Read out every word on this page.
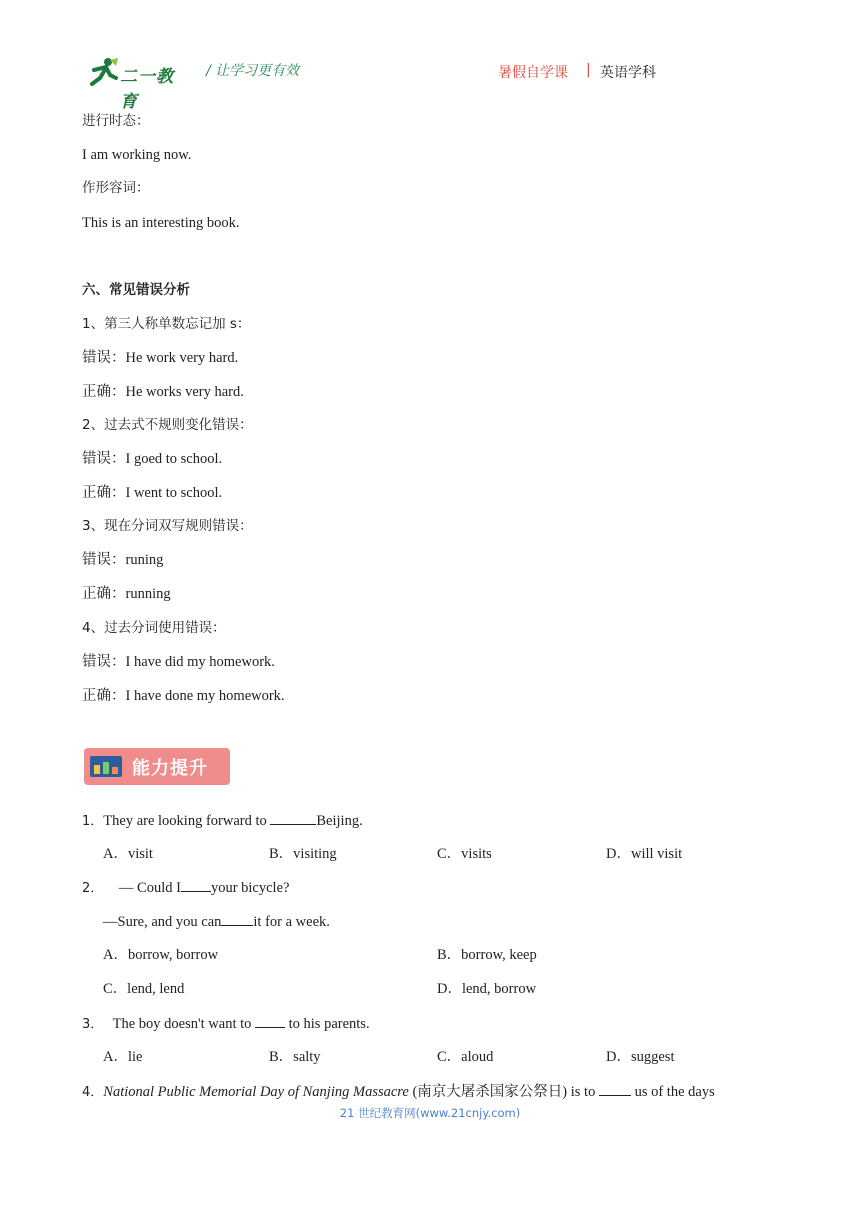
二一教育
/ 让学习更有效	暑假自学课 | 英语学科
进行时态：
I am working now.
作形容词：
This is an interesting book.
六、常见错误分析
1、第三人称单数忘记加 s：
错误：He work very hard.
正确：He works very hard.
2、过去式不规则变化错误：
错误：I goed to school.
正确：I went to school.
3、现在分词双写规则错误：
错误：runing
正确：running
4、过去分词使用错误：
错误：I have did my homework.
正确：I have done my homework.
能力提升
1．They are looking forward to	Beijing.
A．visit	B．visiting	C．visits	D．will visit
2． — Could I your bicycle?
—Sure, and you can it for a week.
A．borrow, borrow	B．borrow, keep
C．lend, lend	D．lend, borrow
3． The boy doesn't want to  to his parents.
A．lie	B．salty	C．aloud	D．suggest
4．National Public Memorial Day of Nanjing Massacre (南京大屠杀国家公祭日) is to  us of the days
21 世纪教育网(www.21cnjy.com)
